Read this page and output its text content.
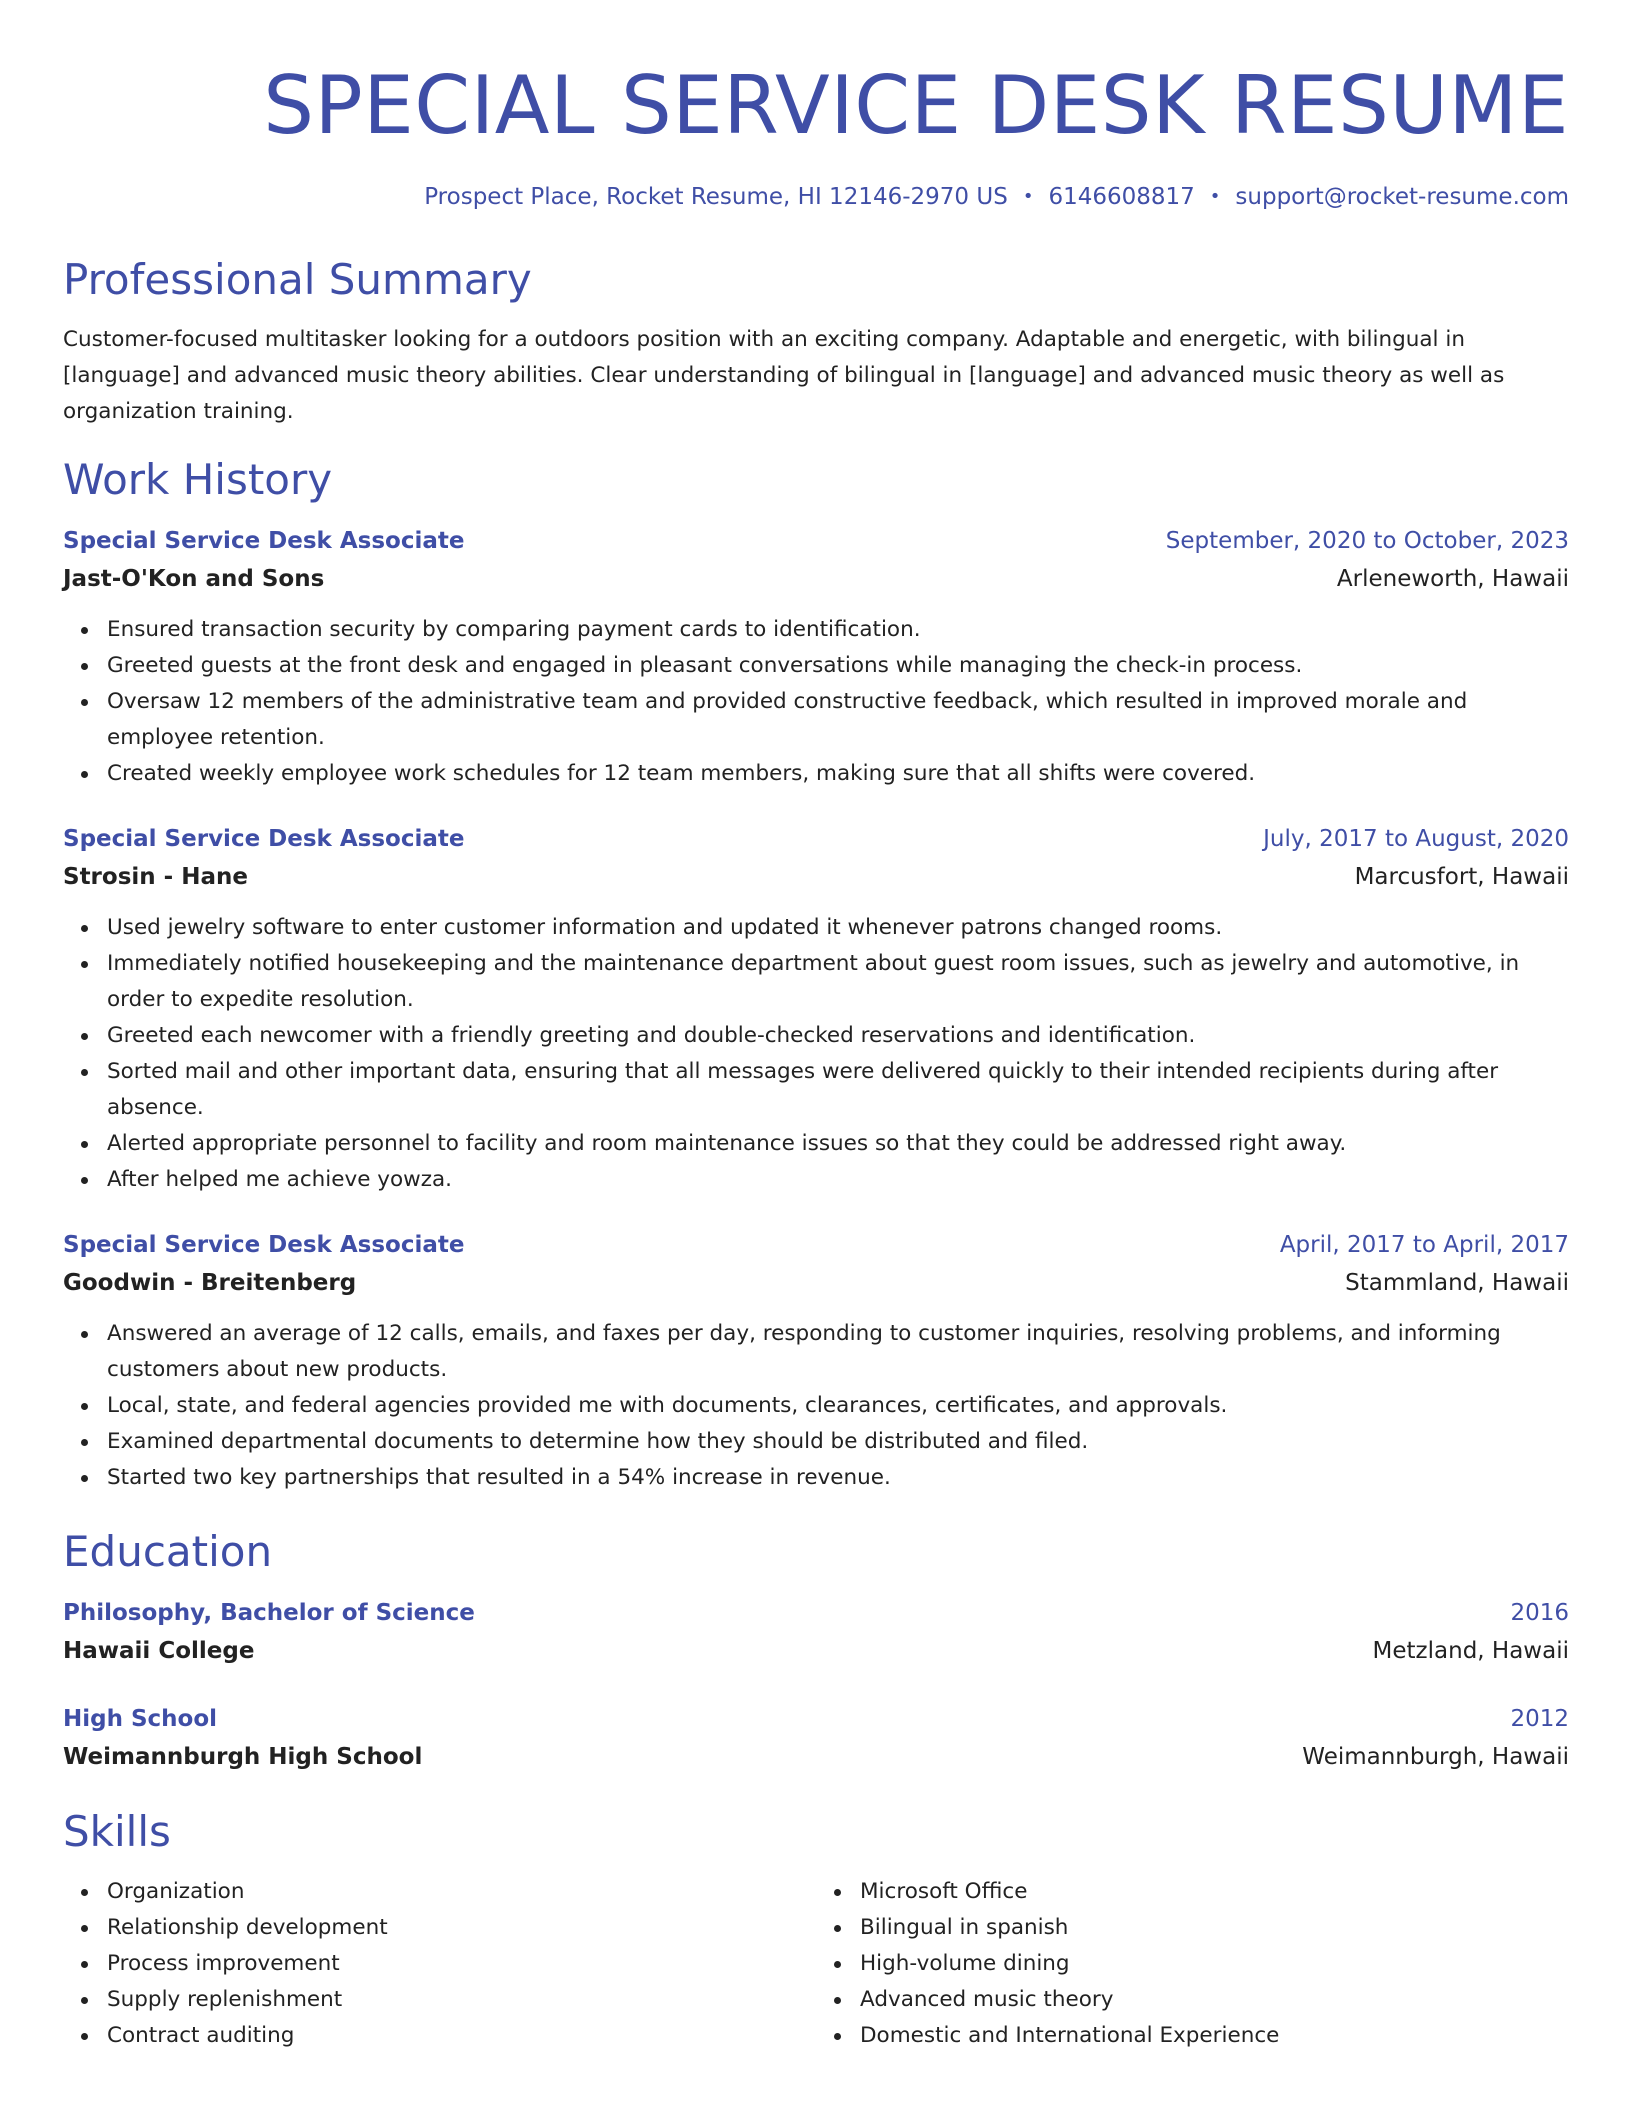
SPECIAL SERVICE DESK RESUME
Prospect Place, Rocket Resume, HI 12146-2970 US • 6146608817 • support@rocket-resume.com
Professional Summary
Customer-focused multitasker looking for a outdoors position with an exciting company. Adaptable and energetic, with bilingual in [language] and advanced music theory abilities. Clear understanding of bilingual in [language] and advanced music theory as well as organization training.
Work History
Special Service Desk Associate	September, 2020 to October, 2023
Jast-O'Kon and Sons	Arleneworth, Hawaii
Ensured transaction security by comparing payment cards to identification.
Greeted guests at the front desk and engaged in pleasant conversations while managing the check-in process.
Oversaw 12 members of the administrative team and provided constructive feedback, which resulted in improved morale and employee retention.
Created weekly employee work schedules for 12 team members, making sure that all shifts were covered.
Special Service Desk Associate	July, 2017 to August, 2020
Strosin - Hane	Marcusfort, Hawaii
Used jewelry software to enter customer information and updated it whenever patrons changed rooms.
Immediately notified housekeeping and the maintenance department about guest room issues, such as jewelry and automotive, in order to expedite resolution.
Greeted each newcomer with a friendly greeting and double-checked reservations and identification.
Sorted mail and other important data, ensuring that all messages were delivered quickly to their intended recipients during after absence.
Alerted appropriate personnel to facility and room maintenance issues so that they could be addressed right away.
After helped me achieve yowza.
Special Service Desk Associate	April, 2017 to April, 2017
Goodwin - Breitenberg	Stammland, Hawaii
Answered an average of 12 calls, emails, and faxes per day, responding to customer inquiries, resolving problems, and informing customers about new products.
Local, state, and federal agencies provided me with documents, clearances, certificates, and approvals.
Examined departmental documents to determine how they should be distributed and filed.
Started two key partnerships that resulted in a 54% increase in revenue.
Education
Philosophy, Bachelor of Science	2016
Hawaii College	Metzland, Hawaii
High School	2012
Weimannburgh High School	Weimannburgh, Hawaii
Skills
Organization
Relationship development
Process improvement
Supply replenishment
Contract auditing
Microsoft Office
Bilingual in spanish
High-volume dining
Advanced music theory
Domestic and International Experience
